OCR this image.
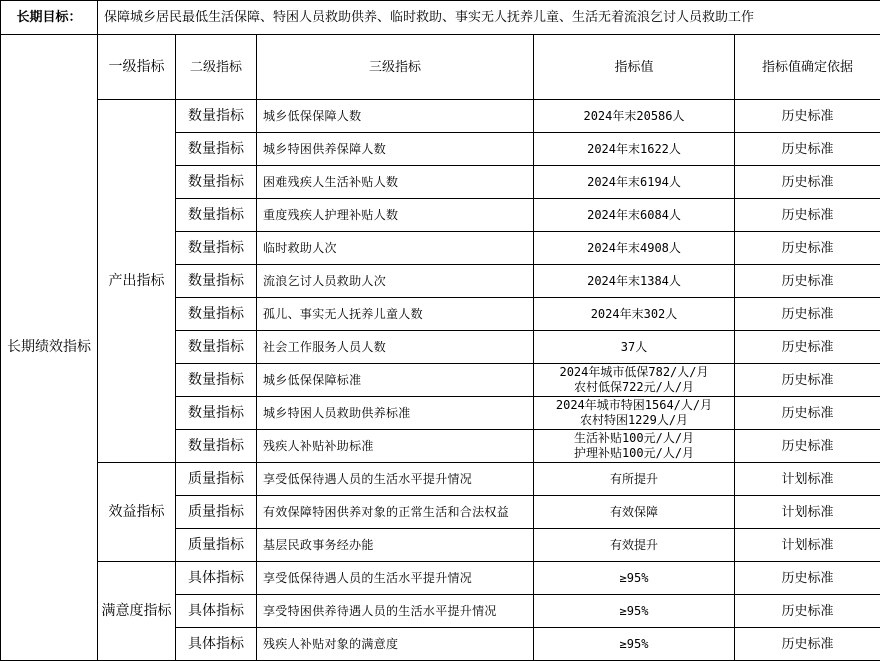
长期目标：	保障城乡居民最低生活保障、特困人员救助供养、临时救助、事实无人抚养儿童、生活无着流浪乞讨人员救助工作				
长期绩效指标	一级指标	二级指标	三级指标	指标值	指标值确定依据
	产出指标	数量指标	城乡低保保障人数	2024年末20586人	历史标准
		数量指标	城乡特困供养保障人数	2024年末1622人	历史标准
		数量指标	困难残疾人生活补贴人数	2024年末6194人	历史标准
		数量指标	重度残疾人护理补贴人数	2024年末6084人	历史标准
		数量指标	临时救助人次	2024年末4908人	历史标准
		数量指标	流浪乞讨人员救助人次	2024年末1384人	历史标准
		数量指标	孤儿、事实无人抚养儿童人数	2024年末302人	历史标准
		数量指标	社会工作服务人员人数	37人	历史标准
		数量指标	城乡低保保障标准	2024年城市低保782/人/月
农村低保722元/人/月	历史标准
		数量指标	城乡特困人员救助供养标准	2024年城市特困1564/人/月
农村特困1229人/月	历史标准
		数量指标	残疾人补贴补助标准	生活补贴100元/人/月
护理补贴100元/人/月	历史标准
	效益指标	质量指标	享受低保待遇人员的生活水平提升情况	有所提升	计划标准
		质量指标	有效保障特困供养对象的正常生活和合法权益	有效保障	计划标准
		质量指标	基层民政事务经办能	有效提升	计划标准
	满意度指标	具体指标	享受低保待遇人员的生活水平提升情况	≥95%	历史标准
		具体指标	享受特困供养待遇人员的生活水平提升情况	≥95%	历史标准
		具体指标	残疾人补贴对象的满意度	≥95%	历史标准
